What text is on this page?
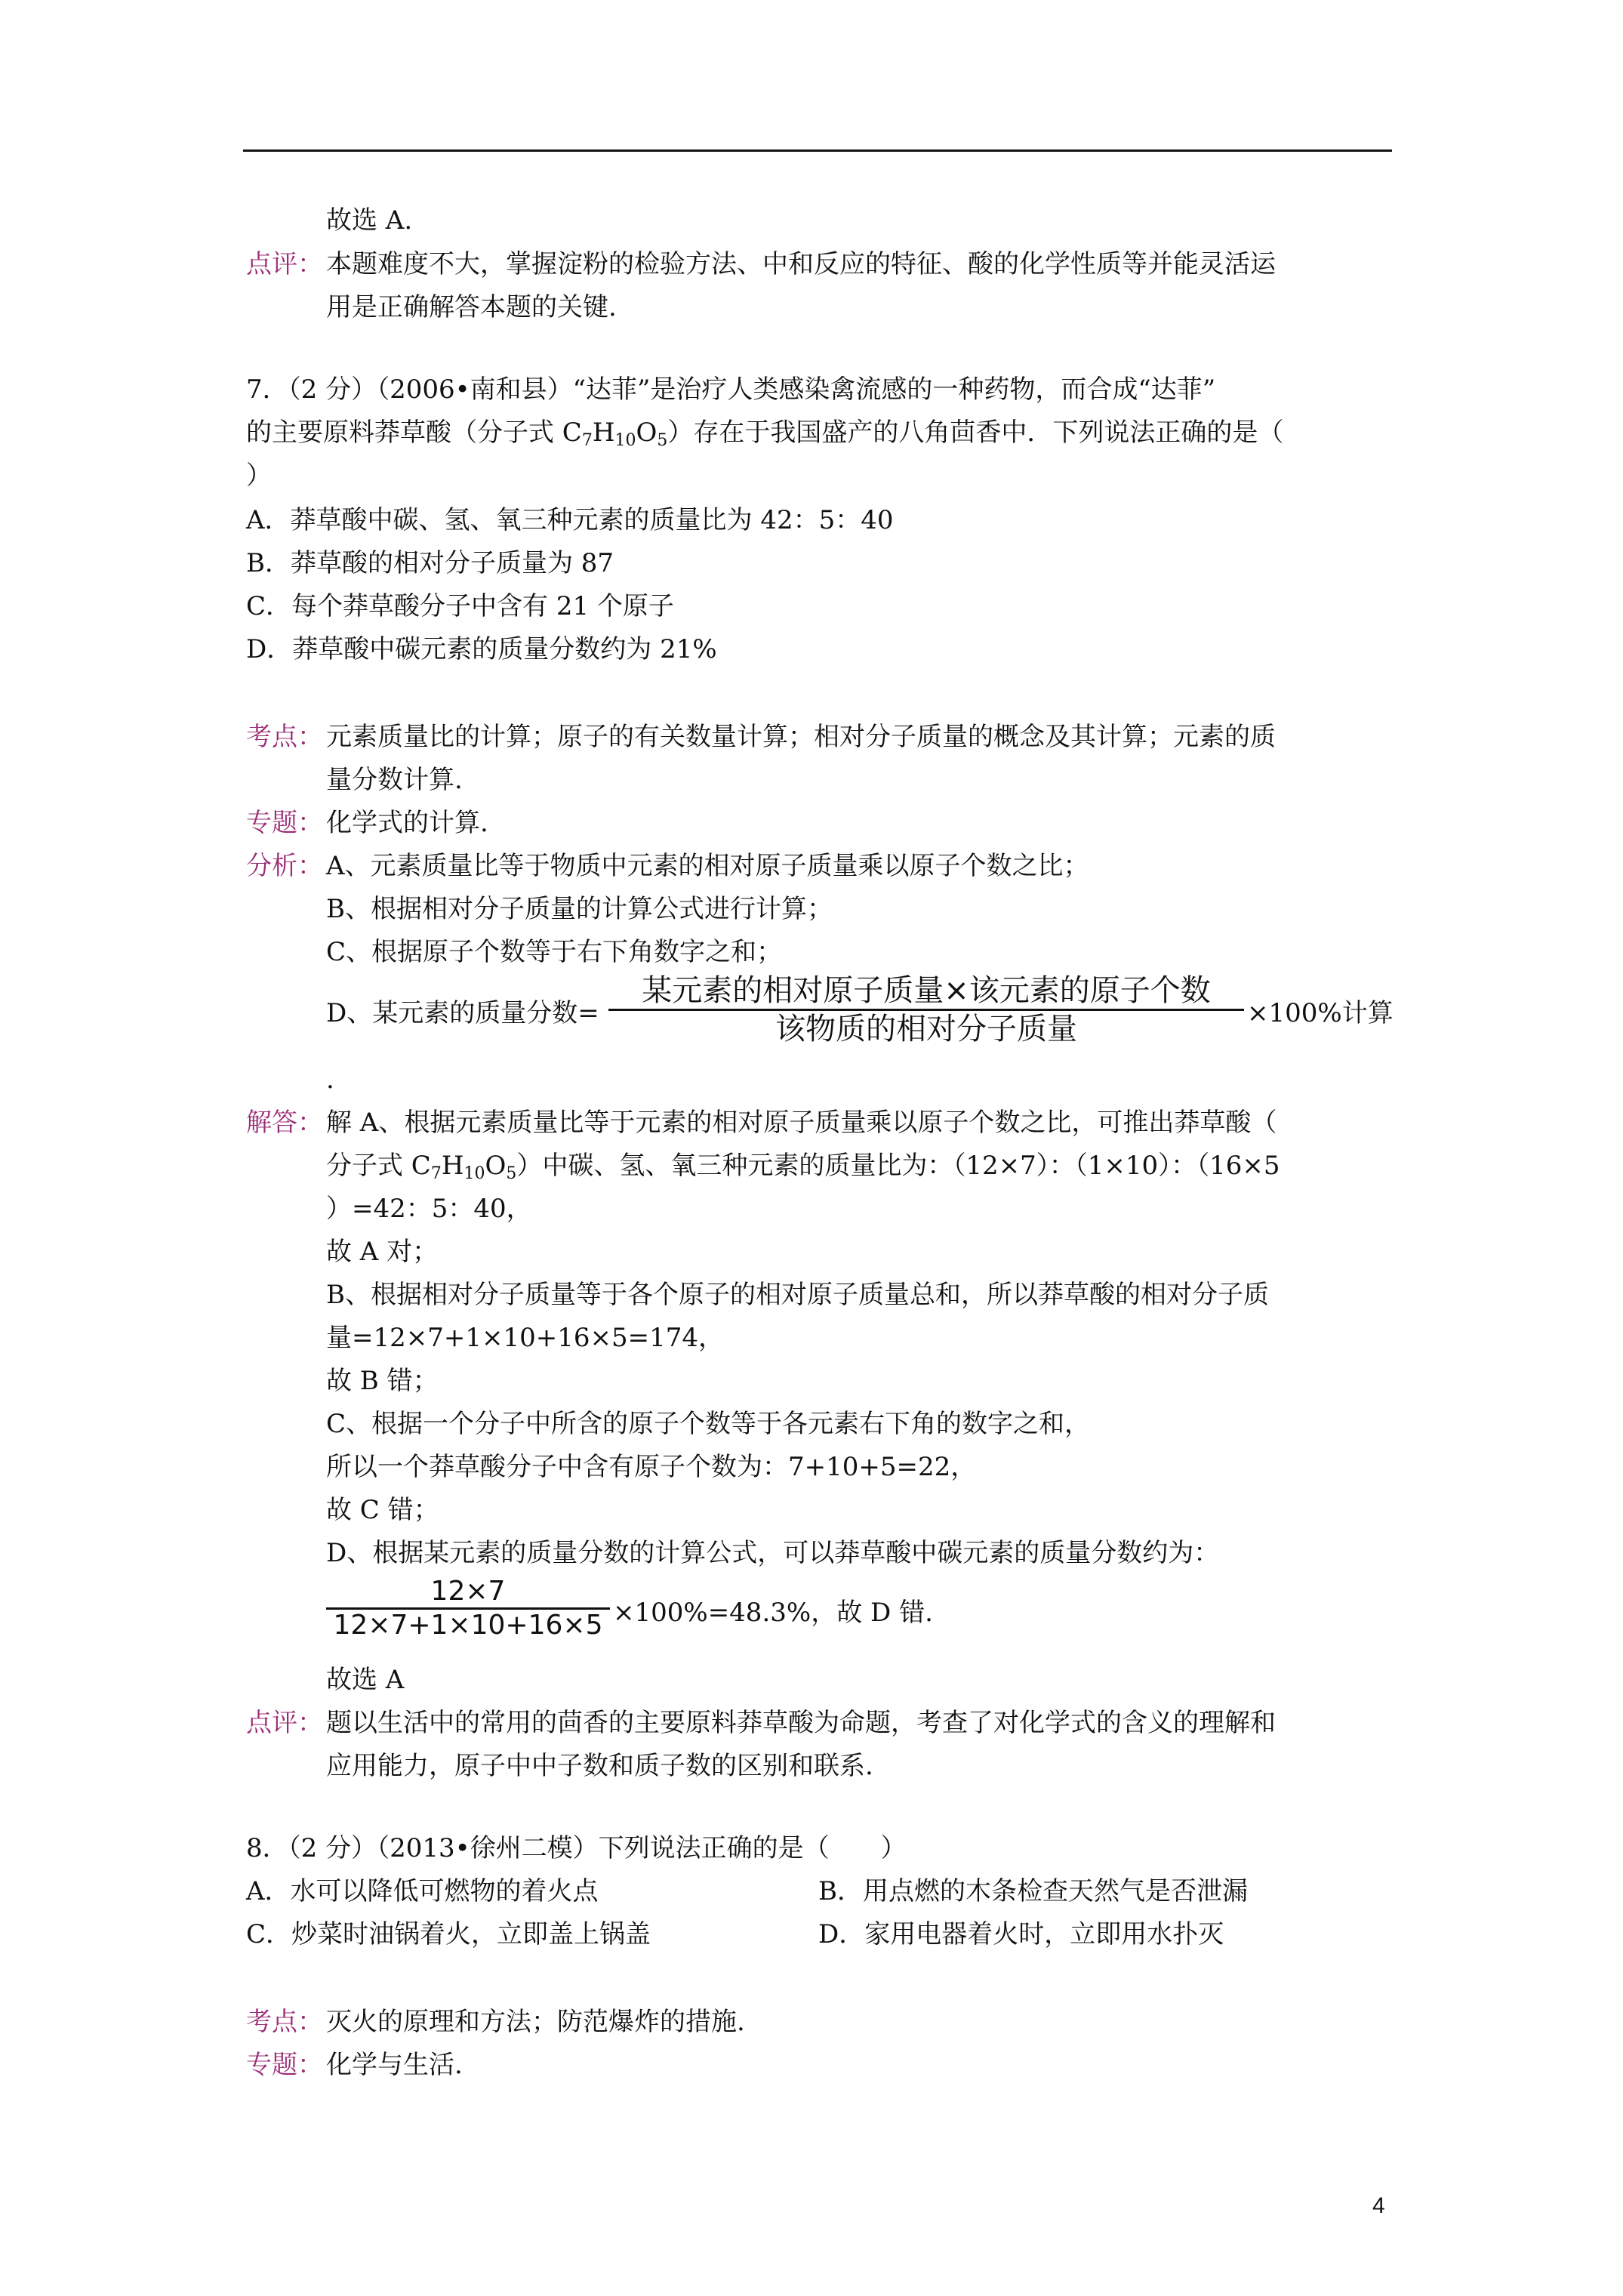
故选 A.
点评： 本题难度不大，掌握淀粉的检验方法、中和反应的特征、酸的化学性质等并能灵活运
用是正确解答本题的关键.
7．（2 分）（2006•南和县）“达菲”是治疗人类感染禽流感的一种药物，而合成“达菲”
的主要原料莽草酸（分子式 $C_7H_{10}O_5$）存在于我国盛产的八角茴香中．下列说法正确的是（
）
A．莽草酸中碳、氢、氧三种元素的质量比为 42：5：40
B．莽草酸的相对分子质量为 87
C．每个莽草酸分子中含有 21 个原子
D．莽草酸中碳元素的质量分数约为 21%
考点： 元素质量比的计算；原子的有关数量计算；相对分子质量的概念及其计算；元素的质
量分数计算.
专题： 化学式的计算.
分析： A、元素质量比等于物质中元素的相对原子质量乘以原子个数之比；
B、根据相对分子质量的计算公式进行计算；
C、根据原子个数等于右下角数字之和；
D、某元素的质量分数=
某元素的相对原子质量×该元素的原子个数
该物质的相对分子质量	×100%计算
.
解答： 解 A、根据元素质量比等于元素的相对原子质量乘以原子个数之比，可推出莽草酸（
分子式 $C_7H_{10}O_5$）中碳、氢、氧三种元素的质量比为：（12×7）：（1×10）：（16×5
）=42：5：40，
故 A 对；
B、根据相对分子质量等于各个原子的相对原子质量总和，所以莽草酸的相对分子质
量=12×7+1×10+16×5=174，
故 B 错；
C、根据一个分子中所含的原子个数等于各元素右下角的数字之和，
所以一个莽草酸分子中含有原子个数为：7+10+5=22，
故 C 错；
D、根据某元素的质量分数的计算公式，可以莽草酸中碳元素的质量分数约为：
12×7
12×7+1×10+16×5 ×100%=48.3%，故 D 错.
故选 A
点评： 题以生活中的常用的茴香的主要原料莽草酸为命题，考查了对化学式的含义的理解和
应用能力，原子中中子数和质子数的区别和联系.
8．（2 分）（2013•徐州二模）下列说法正确的是（　　）
A．水可以降低可燃物的着火点	B．用点燃的木条检查天然气是否泄漏
C．炒菜时油锅着火，立即盖上锅盖	D．家用电器着火时，立即用水扑灭
考点： 灭火的原理和方法；防范爆炸的措施.
专题： 化学与生活.
4
